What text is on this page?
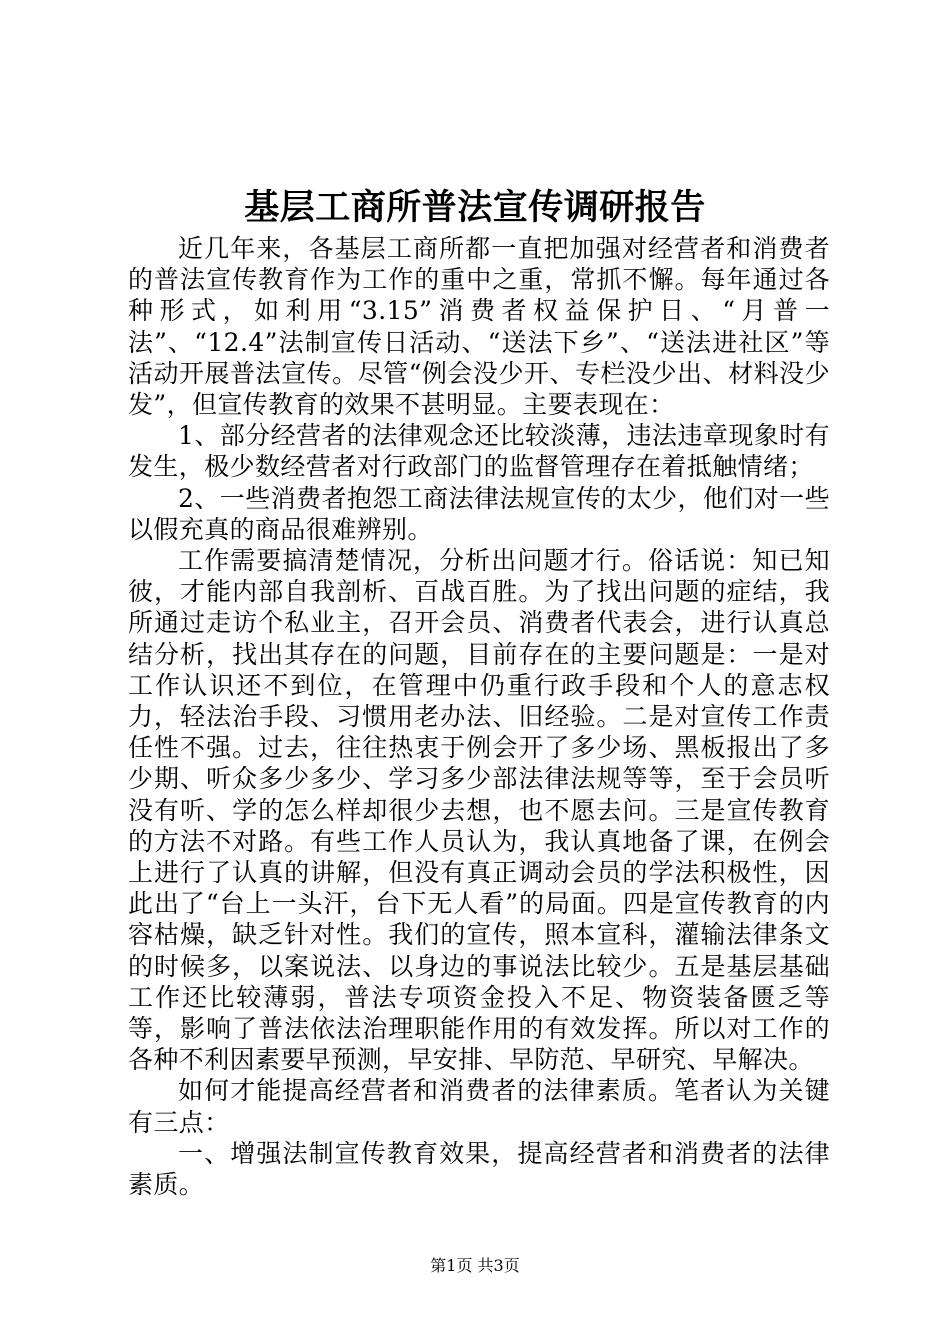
基层工商所普法宣传调研报告

近几年来，各基层工商所都一直把加强对经营者和消费者的普法宣传教育作为工作的重中之重，常抓不懈。每年通过各种形式，如利用“3.15”消费者权益保护日、“月普一法”、“12.4”法制宣传日活动、“送法下乡”、“送法进社区”等活动开展普法宣传。尽管“例会没少开、专栏没少出、材料没少发”，但宣传教育的效果不甚明显。主要表现在：

1、部分经营者的法律观念还比较淡薄，违法违章现象时有发生，极少数经营者对行政部门的监督管理存在着抵触情绪；

2、一些消费者抱怨工商法律法规宣传的太少，他们对一些以假充真的商品很难辨别。

工作需要搞清楚情况，分析出问题才行。俗话说：知已知彼，才能内部自我剖析、百战百胜。为了找出问题的症结，我所通过走访个私业主，召开会员、消费者代表会，进行认真总结分析，找出其存在的问题，目前存在的主要问题是：一是对工作认识还不到位，在管理中仍重行政手段和个人的意志权力，轻法治手段、习惯用老办法、旧经验。二是对宣传工作责任性不强。过去，往往热衷于例会开了多少场、黑板报出了多少期、听众多少多少、学习多少部法律法规等等，至于会员听没有听、学的怎么样却很少去想，也不愿去问。三是宣传教育的方法不对路。有些工作人员认为，我认真地备了课，在例会上进行了认真的讲解，但没有真正调动会员的学法积极性，因此出了“台上一头汗，台下无人看”的局面。四是宣传教育的内容枯燥，缺乏针对性。我们的宣传，照本宣科，灌输法律条文的时候多，以案说法、以身边的事说法比较少。五是基层基础工作还比较薄弱，普法专项资金投入不足、物资装备匮乏等等，影响了普法依法治理职能作用的有效发挥。所以对工作的各种不利因素要早预测，早安排、早防范、早研究、早解决。

如何才能提高经营者和消费者的法律素质。笔者认为关键有三点：

一、增强法制宣传教育效果，提高经营者和消费者的法律素质。

第1页 共3页
